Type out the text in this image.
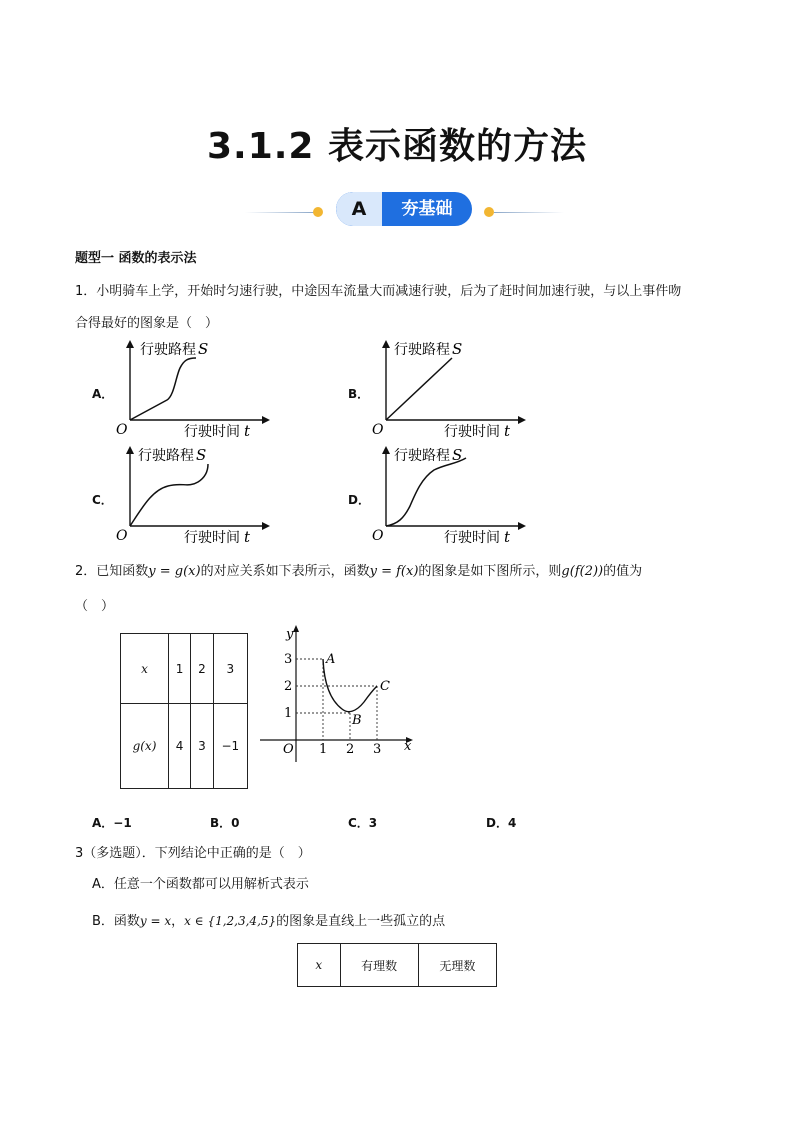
3.1.2 表示函数的方法
A	夯基础
题型一 函数的表示法
1．小明骑车上学，开始时匀速行驶，中途因车流量大而减速行驶，后为了赶时间加速行驶，与以上事件吻
合得最好的图象是（　）
A．	B．
C．	D．
行驶路程 S
O	行驶时间 t
行驶路程 S
O	行驶时间 t
行驶路程 S
O	行驶时间 t
行驶路程 S
O	行驶时间 t
2．已知函数y = g(x)的对应关系如下表所示，函数y = f(x)的图象是如下图所示，则g(f(2))的值为
（　）
x	1	2	3
g(x)	4	3	−1
y
x
O 1 2 3
1
2
3	A
B
C
A．−1	B．0	C．3	D．4
3（多选题）．下列结论中正确的是（　）
A．任意一个函数都可以用解析式表示
B．函数y = x，x ∈ {1,2,3,4,5}的图象是直线上一些孤立的点
x	有理数	无理数
